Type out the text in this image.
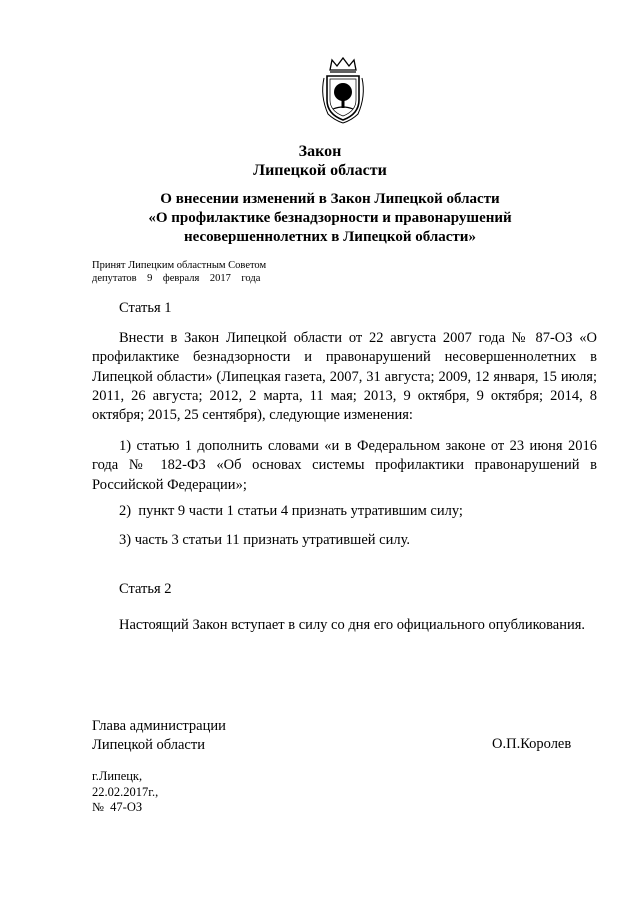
Закон
Липецкой области
О внесении изменений в Закон Липецкой области
«О профилактике безнадзорности и правонарушений
несовершеннолетних в Липецкой области»
Принят Липецким областным Советом
депутатов    9    февраля    2017    года
Статья 1
Внести в Закон Липецкой области от 22 августа 2007 года № 87-ОЗ «О профилактике безнадзорности и правонарушений несовершеннолетних в Липецкой области» (Липецкая газета, 2007, 31 августа; 2009, 12 января, 15 июля; 2011, 26 августа; 2012, 2 марта, 11 мая; 2013, 9 октября, 9 октября; 2014, 8 октября; 2015, 25 сентября), следующие изменения:
1) статью 1 дополнить словами «и в Федеральном законе от 23 июня 2016 года № 182-ФЗ «Об основах системы профилактики правонарушений в Российской Федерации»;
2)  пункт 9 части 1 статьи 4 признать утратившим силу;
3) часть 3 статьи 11 признать утратившей силу.
Статья 2
Настоящий Закон вступает в силу со дня его официального опубликования.
Глава администрации
Липецкой области	О.П.Королев
г.Липецк,
22.02.2017г.,
№  47-ОЗ
